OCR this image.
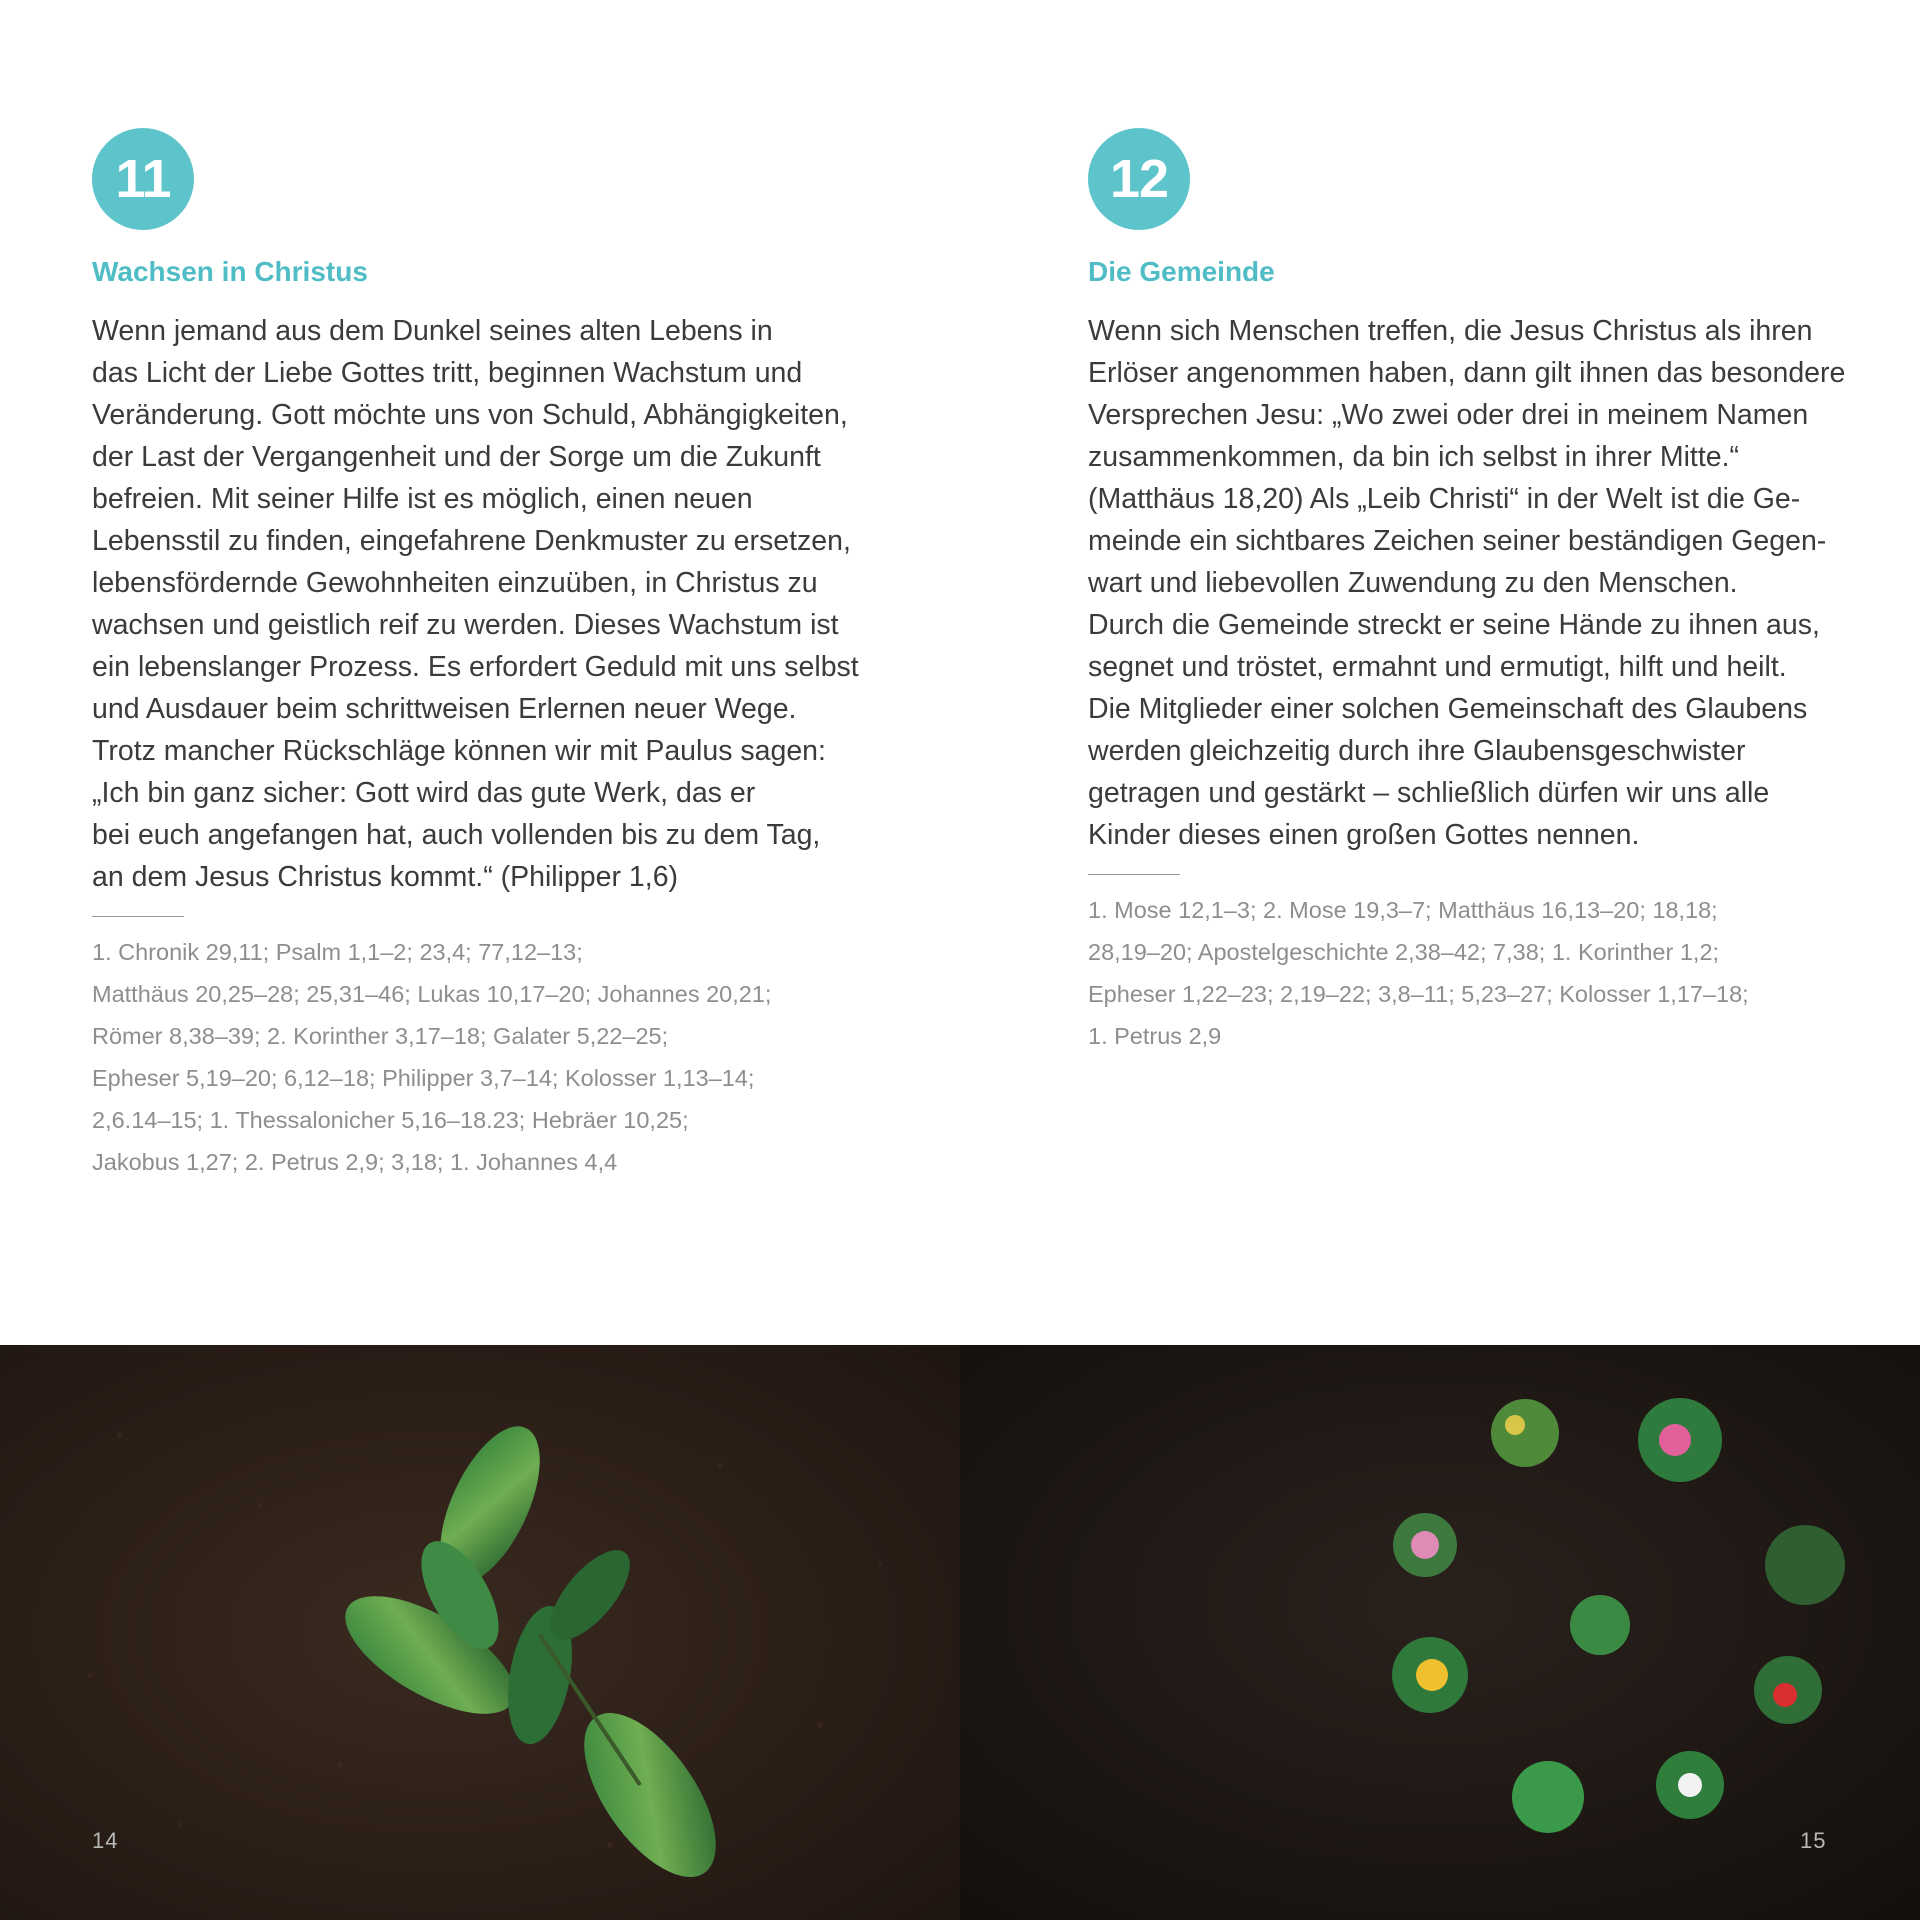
11
Wachsen in Christus
Wenn jemand aus dem Dunkel seines alten Lebens in
das Licht der Liebe Gottes tritt, beginnen Wachstum und
Veränderung. Gott möchte uns von Schuld, Abhängigkeiten,
der Last der Vergangenheit und der Sorge um die Zukunft
befreien. Mit seiner Hilfe ist es möglich, einen neuen
Lebensstil zu finden, eingefahrene Denkmuster zu ersetzen,
lebensfördernde Gewohnheiten einzuüben, in Christus zu
wachsen und geistlich reif zu werden. Dieses Wachstum ist
ein lebenslanger Prozess. Es erfordert Geduld mit uns selbst
und Ausdauer beim schrittweisen Erlernen neuer Wege.
Trotz mancher Rückschläge können wir mit Paulus sagen:
„Ich bin ganz sicher: Gott wird das gute Werk, das er
bei euch angefangen hat, auch vollenden bis zu dem Tag,
an dem Jesus Christus kommt.“ (Philipper 1,6)
1. Chronik 29,11; Psalm 1,1–2; 23,4; 77,12–13;
Matthäus 20,25–28; 25,31–46; Lukas 10,17–20; Johannes 20,21;
Römer 8,38–39; 2. Korinther 3,17–18; Galater 5,22–25;
Epheser 5,19–20; 6,12–18; Philipper 3,7–14; Kolosser 1,13–14;
2,6.14–15; 1. Thessalonicher 5,16–18.23; Hebräer 10,25;
Jakobus 1,27; 2. Petrus 2,9; 3,18; 1. Johannes 4,4
12
Die Gemeinde
Wenn sich Menschen treffen, die Jesus Christus als ihren
Erlöser angenommen haben, dann gilt ihnen das besondere
Versprechen Jesu: „Wo zwei oder drei in meinem Namen
zusammenkommen, da bin ich selbst in ihrer Mitte.“
(Matthäus 18,20) Als „Leib Christi“ in der Welt ist die Ge-
meinde ein sichtbares Zeichen seiner beständigen Gegen-
wart und liebevollen Zuwendung zu den Menschen.
Durch die Gemeinde streckt er seine Hände zu ihnen aus,
segnet und tröstet, ermahnt und ermutigt, hilft und heilt.
Die Mitglieder einer solchen Gemeinschaft des Glaubens
werden gleichzeitig durch ihre Glaubensgeschwister
getragen und gestärkt – schließlich dürfen wir uns alle
Kinder dieses einen großen Gottes nennen.
1. Mose 12,1–3; 2. Mose 19,3–7; Matthäus 16,13–20; 18,18;
28,19–20; Apostelgeschichte 2,38–42; 7,38; 1. Korinther 1,2;
Epheser 1,22–23; 2,19–22; 3,8–11; 5,23–27; Kolosser 1,17–18;
1. Petrus 2,9
14	15
